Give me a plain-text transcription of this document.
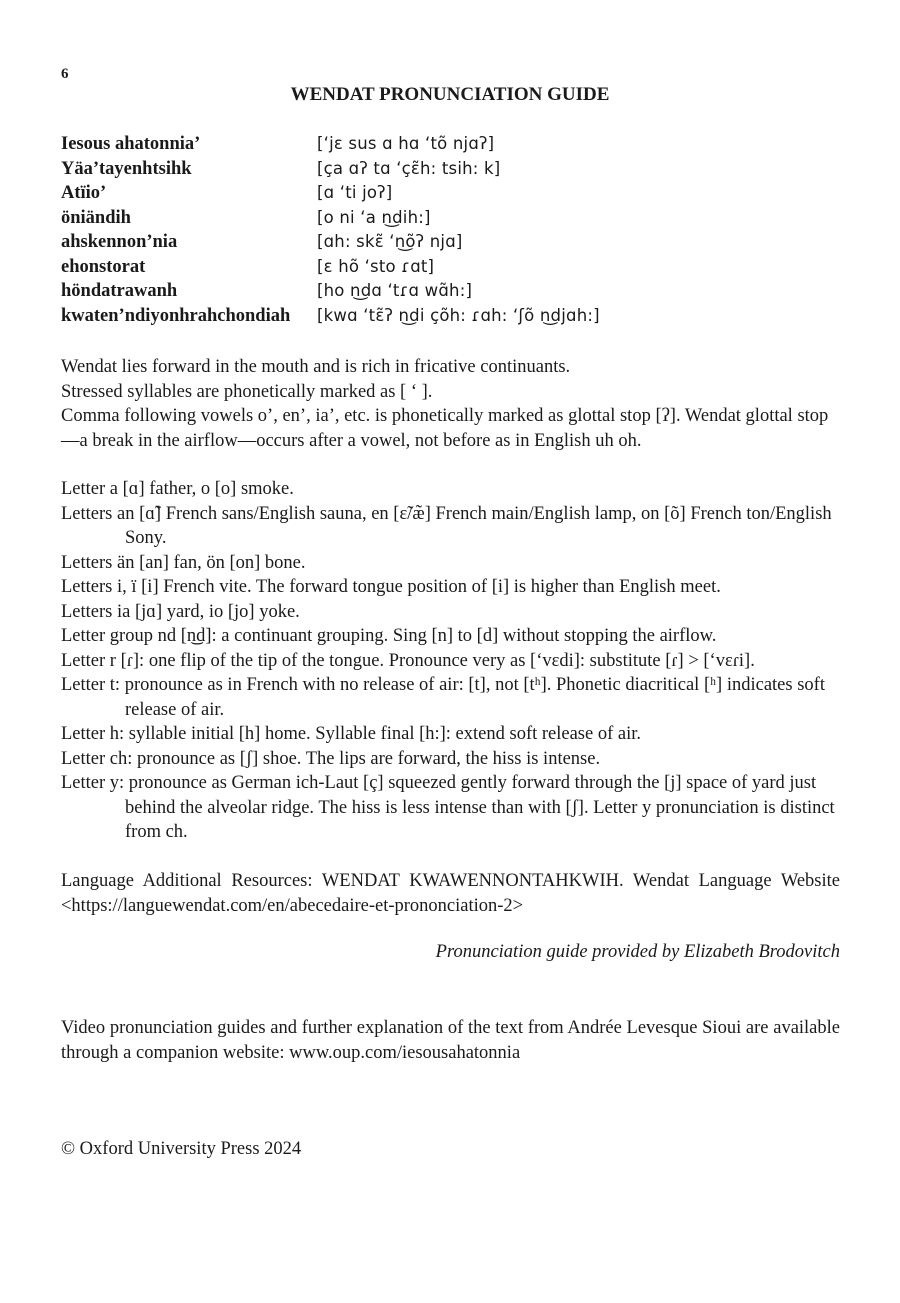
6
WENDAT PRONUNCIATION GUIDE
Iesous ahatonnia’	[ʻjɛ sus ɑ hɑ ʻtõ njɑʔ]
Yäa’tayenhtsihk	[ça ɑʔ tɑ ʻçɛ̃h: tsih: k]
Atïio’	[ɑ ʻti joʔ]
öniändih	[o ni ʻa n͜dih:]
ahskennon’nia	[ɑh: skɛ̃ ʻn͜õʔ njɑ]
ehonstorat	[ɛ hõ ʻsto ɾɑt]
höndatrawanh	[ho n͜dɑ ʻtɾɑ wɑ̃h:]
kwaten’ndiyonhrahchondiah [kwɑ ʻtɛ̃ʔ n͜di çõh: ɾɑh: ʻʃõ n͜djɑh:]

Wendat lies forward in the mouth and is rich in fricative continuants.

Stressed syllables are phonetically marked as [ ʻ ].

Comma following vowels o’, en’, ia’, etc. is phonetically marked as glottal stop [ʔ]. Wendat glottal stop—a break in the airflow—occurs after a vowel, not before as in English uh oh.

Letter a [ɑ] father, o [o] smoke.

Letters an [ɑ̃] French sans/English sauna, en [ɛ̃/æ̃] French main/English lamp, on [õ] French ton/English Sony.

Letters än [an] fan, ön [on] bone.

Letters i, ï [i] French vite. The forward tongue position of [i] is higher than English meet.

Letters ia [jɑ] yard, io [jo] yoke.

Letter group nd [n͜d]: a continuant grouping. Sing [n] to [d] without stopping the airflow.

Letter r [ɾ]: one flip of the tip of the tongue. Pronounce very as [ʻvɛdi]: substitute [ɾ] > [ʻvɛɾi].

Letter t: pronounce as in French with no release of air: [t], not [tʰ]. Phonetic diacritical [ʰ] indicates soft release of air.

Letter h: syllable initial [h] home. Syllable final [h:]: extend soft release of air.

Letter ch: pronounce as [ʃ] shoe. The lips are forward, the hiss is intense.

Letter y: pronounce as German ich-Laut [ç] squeezed gently forward through the [j] space of yard just behind the alveolar ridge. The hiss is less intense than with [ʃ]. Letter y pronunciation is distinct from ch.

Language Additional Resources: WENDAT KWAWENNONTAHKWIH. Wendat Language Website <https://languewendat.com/en/abecedaire-et-prononciation-2>
Pronunciation guide provided by Elizabeth Brodovitch
Video pronunciation guides and further explanation of the text from Andrée Levesque Sioui are available through a companion website: www.oup.com/iesousahatonnia
© Oxford University Press 2024
